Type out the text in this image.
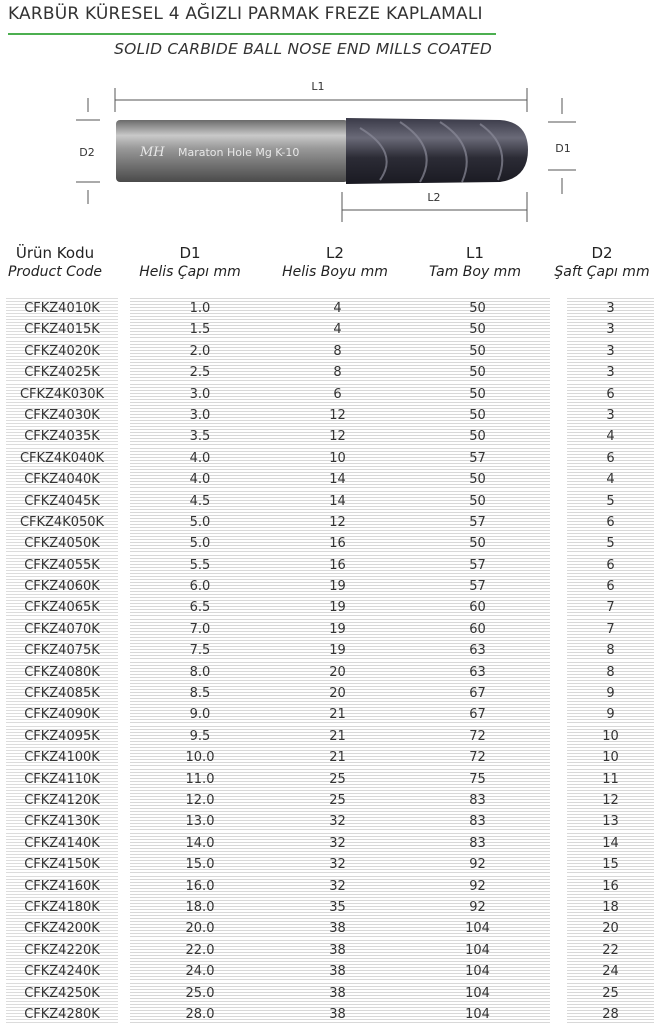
KARBÜR KÜRESEL 4 AĞIZLI PARMAK FREZE KAPLAMALI
SOLID CARBIDE BALL NOSE END MILLS COATED
L1
D2	D1
MH Maraton Hole Mg K-10
L2
Ürün Kodu
Product Code
D1
Helis Çapı mm
L2
Helis Boyu mm
L1
Tam Boy mm
D2
Şaft Çapı mm
CFKZ4010K	1.0	4	50	3
CFKZ4015K	1.5	4	50	3
CFKZ4020K	2.0	8	50	3
CFKZ4025K	2.5	8	50	3
CFKZ4K030K	3.0	6	50	6
CFKZ4030K	3.0	12	50	3
CFKZ4035K	3.5	12	50	4
CFKZ4K040K	4.0	10	57	6
CFKZ4040K	4.0	14	50	4
CFKZ4045K	4.5	14	50	5
CFKZ4K050K	5.0	12	57	6
CFKZ4050K	5.0	16	50	5
CFKZ4055K	5.5	16	57	6
CFKZ4060K	6.0	19	57	6
CFKZ4065K	6.5	19	60	7
CFKZ4070K	7.0	19	60	7
CFKZ4075K	7.5	19	63	8
CFKZ4080K	8.0	20	63	8
CFKZ4085K	8.5	20	67	9
CFKZ4090K	9.0	21	67	9
CFKZ4095K	9.5	21	72	10
CFKZ4100K	10.0	21	72	10
CFKZ4110K	11.0	25	75	11
CFKZ4120K	12.0	25	83	12
CFKZ4130K	13.0	32	83	13
CFKZ4140K	14.0	32	83	14
CFKZ4150K	15.0	32	92	15
CFKZ4160K	16.0	32	92	16
CFKZ4180K	18.0	35	92	18
CFKZ4200K	20.0	38	104	20
CFKZ4220K	22.0	38	104	22
CFKZ4240K	24.0	38	104	24
CFKZ4250K	25.0	38	104	25
CFKZ4280K	28.0	38	104	28
